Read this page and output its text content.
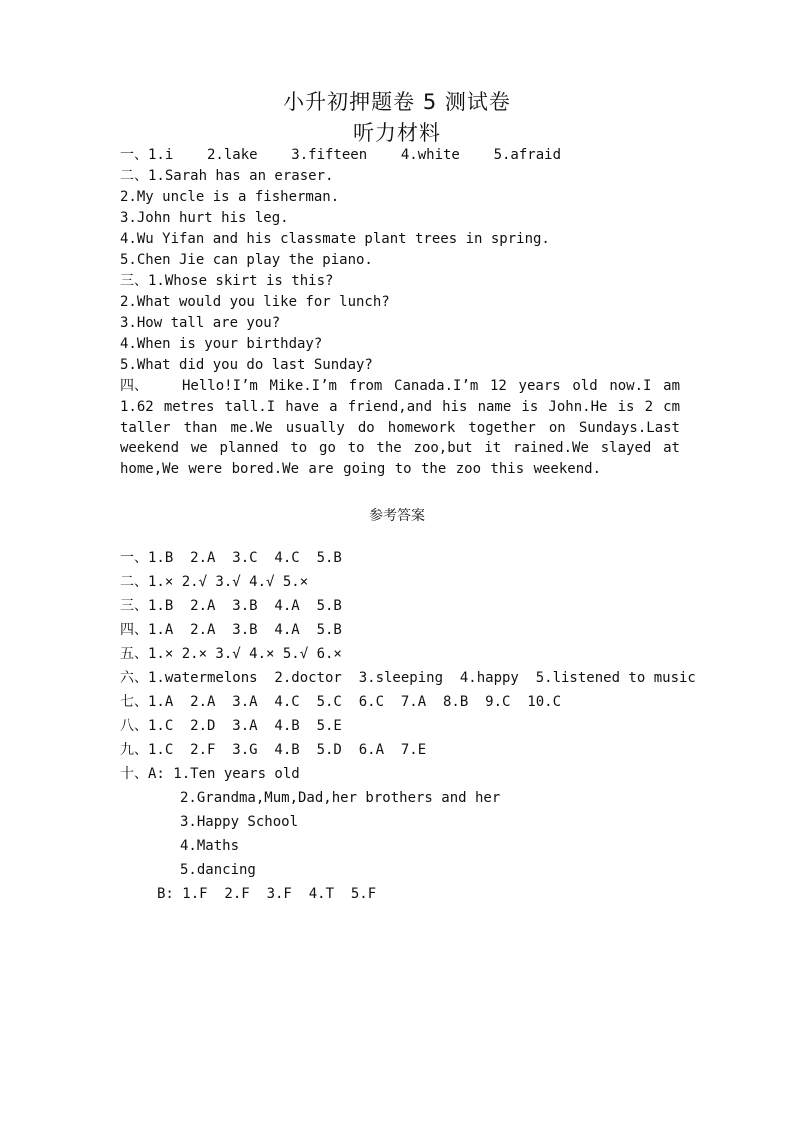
小升初押题卷 5 测试卷
听力材料
一、1.i    2.lake    3.fifteen    4.white    5.afraid
二、1.Sarah has an eraser.
2.My uncle is a fisherman.
3.John hurt his leg.
4.Wu Yifan and his classmate plant trees in spring.
5.Chen Jie can play the piano.
三、1.Whose skirt is this?
2.What would you like for lunch?
3.How tall are you?
4.When is your birthday?
5.What did you do last Sunday?
四、 Hello!I’m Mike.I’m from Canada.I’m 12 years old now.I am 1.62 metres tall.I have a friend,and his name is John.He is 2 cm taller than me.We usually do homework together on Sundays.Last weekend we planned to go to the zoo,but it rained.We slayed at home,We were bored.We are going to the zoo this weekend.
参考答案
一、1.B  2.A  3.C  4.C  5.B
二、1.× 2.√ 3.√ 4.√ 5.×
三、1.B  2.A  3.B  4.A  5.B
四、1.A  2.A  3.B  4.A  5.B
五、1.× 2.× 3.√ 4.× 5.√ 6.×
六、1.watermelons  2.doctor  3.sleeping  4.happy  5.listened to music
七、1.A  2.A  3.A  4.C  5.C  6.C  7.A  8.B  9.C  10.C
八、1.C  2.D  3.A  4.B  5.E
九、1.C  2.F  3.G  4.B  5.D  6.A  7.E
十、A: 1.Ten years old
2.Grandma,Mum,Dad,her brothers and her
3.Happy School
4.Maths
5.dancing
B: 1.F  2.F  3.F  4.T  5.F
